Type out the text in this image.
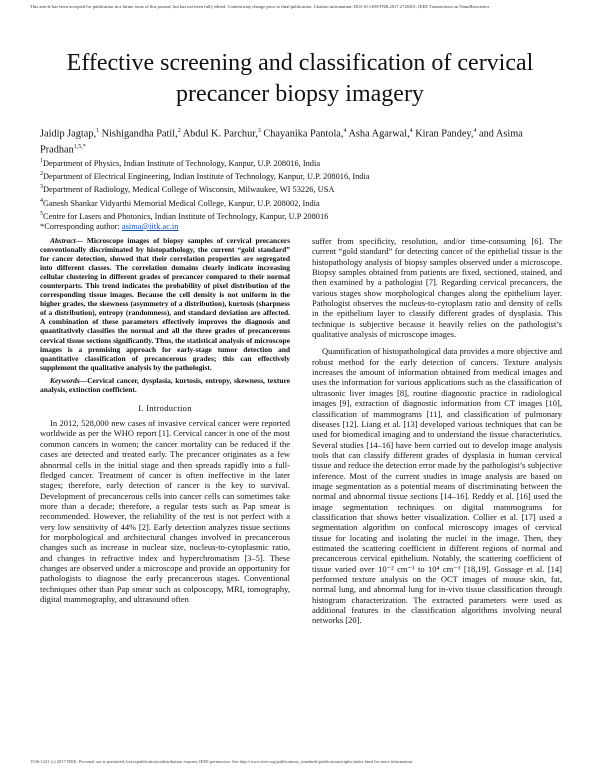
This article has been accepted for publication in a future issue of this journal, but has not been fully edited. Content may change prior to final publication. Citation information: DOI 10.1109/TNB.2017.2726301, IEEE Transactions on NanoBioscience
Effective screening and classification of cervical precancer biopsy imagery
Jaidip Jagtap,$^1$ Nishigandha Patil,$^2$ Abdul K. Parchur,$^3$ Chayanika Pantola,$^4$ Asha Agarwal,$^4$ Kiran Pandey,$^4$ and Asima Pradhan$^{1,5,*}$
$^1$Department of Physics, Indian Institute of Technology, Kanpur, U.P. 208016, India
$^2$Department of Electrical Engineering, Indian Institute of Technology, Kanpur, U.P. 208016, India
$^3$Department of Radiology, Medical College of Wisconsin, Milwaukee, WI 53226, USA
$^4$Ganesh Shankar Vidyarthi Memorial Medical College, Kanpur, U.P. 208002, India
$^5$Centre for Lasers and Photonics, Indian Institute of Technology, Kanpur, U.P 208016
*Corresponding author: asima@iitk.ac.in

Abstract— Microscope images of biopsy samples of cervical precancers conventionally discriminated by histopathology, the current “gold standard” for cancer detection, showed that their correlation properties are segregated into different classes. The correlation domains clearly indicate increasing cellular clustering in different grades of precancer compared to their normal counterparts. This trend indicates the probability of pixel distribution of the corresponding tissue images. Because the cell density is not uniform in the higher grades, the skewness (asymmetry of a distribution), kurtosis (sharpness of a distribution), entropy (randomness), and standard deviation are affected. A combination of these parameters effectively improves the diagnosis and quantitatively classifies the normal and all the three grades of precancerous cervical tissue sections significantly. Thus, the statistical analysis of microscope images is a promising approach for early-stage tumor detection and quantitative classification of precancerous grades; this can effectively supplement the qualitative analysis by the pathologist.

Keywords—Cervical cancer, dysplasia, kurtosis, entropy, skewness, texture analysis, extinction coefficient.

I. Introduction

In 2012, 528,000 new cases of invasive cervical cancer were reported worldwide as per the WHO report [1]. Cervical cancer is one of the most common cancers in women; the cancer mortality can be reduced if the cases are detected and treated early. The precancer originates as a few abnormal cells in the initial stage and then spreads rapidly into a full-fledged cancer. Treatment of cancer is often ineffective in the later stages; therefore, early detection of cancer is the key to survival. Development of precancerous cells into cancer cells can sometimes take more than a decade; therefore, a regular tests such as Pap smear is recommended. However, the reliability of the test is not perfect with a very low sensitivity of 44% [2]. Early detection analyzes tissue sections for morphological and architectural changes involved in precancerous changes such as increase in nuclear size, nucleus-to-cytoplasmic ratio, and changes in refractive index and hyperchromatism [3–5]. These changes are observed under a microscope and provide an opportunity for pathologists to diagnose the early precancerous stages. Conventional techniques other than Pap smear such as colposcopy, MRI, tomography, digital mammography, and ultrasound often

suffer from specificity, resolution, and/or time-consuming [6]. The current “gold standard” for detecting cancer of the epithelial tissue is the histopathology analysis of biopsy samples observed under a microscope. Biopsy samples obtained from patients are fixed, sectioned, stained, and then examined by a pathologist [7]. Regarding cervical precancers, the various stages show morphological changes along the epithelium layer. Pathologist observes the nucleus-to-cytoplasm ratio and density of cells in the epithelium layer to classify different grades of dysplasia. This technique is subjective because it heavily relies on the pathologist’s qualitative analysis of microscope images.

Quantification of histopathological data provides a more objective and robust method for the early detection of cancers. Texture analysis increases the amount of information obtained from medical images and uses the information for various applications such as the classification of ultrasonic liver images [8], routine diagnostic practice in radiological images [9], extraction of diagnostic information from CT images [10], classification of mammograms [11], and classification of pulmonary diseases [12]. Liang et al. [13] developed various techniques that can be used for biomedical imaging and to understand the tissue characteristics. Several studies [14–16] have been carried out to develop image analysis tools that can classify different grades of dysplasia in human cervical tissue and reduce the detection error made by the pathologist’s subjective inference. Most of the current studies in image analysis are based on image segmentation as a potential means of discriminating between the normal and abnormal tissue sections [14–16]. Reddy et al. [16] used the image segmentation techniques on digital mammograms for classification that shows better visualization. Collier et al. [17] used a segmentation algorithm on confocal microscopy images of cervical tissue for locating and isolating the nuclei in the image. Then, they estimated the scattering coefficient in different regions of normal and precancerous cervical epithelium. Notably, the scattering coefficient of tissue varied over 10⁻² cm⁻¹ to 10⁴ cm⁻¹ [18,19]. Gossage et al. [14] performed texture analysis on the OCT images of mouse skin, fat, normal lung, and abnormal lung for in-vivo tissue classification through histogram characterization. The extracted parameters were used as additional features in the classification algorithms involving neural networks [20].

1536-1241 (c) 2017 IEEE. Personal use is permitted, but republication/redistribution requires IEEE permission. See http://www.ieee.org/publications_standards/publications/rights/index.html for more information.
